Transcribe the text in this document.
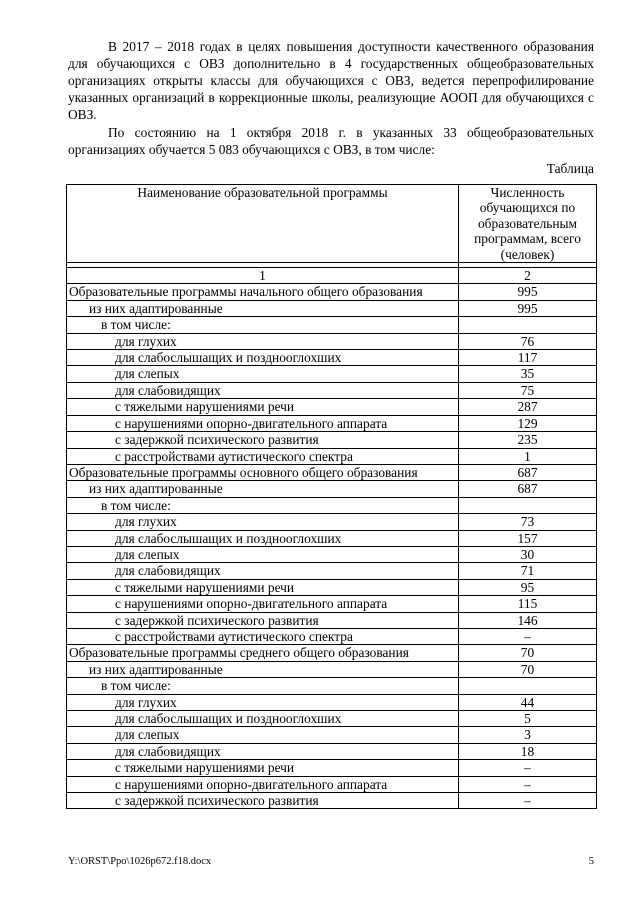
В 2017 – 2018 годах в целях повышения доступности качественного образования для обучающихся с ОВЗ дополнительно в 4 государственных общеобразовательных организациях открыты классы для обучающихся с ОВЗ, ведется перепрофилирование указанных организаций в коррекционные школы, реализующие АООП для обучающихся с ОВЗ.

По состоянию на 1 октября 2018 г. в указанных 33 общеобразовательных организациях обучается 5 083 обучающихся с ОВЗ, в том числе:

Таблица

Наименование образовательной программы	Численность обучающихся по образовательным программам, всего (человек)

1	2
Образовательные программы начального общего образования	995
из них адаптированные	995
в том числе:	
для глухих	76
для слабослышащих и позднооглохших	117
для слепых	35
для слабовидящих	75
с тяжелыми нарушениями речи	287
с нарушениями опорно-двигательного аппарата	129
с задержкой психического развития	235
с расстройствами аутистического спектра	1
Образовательные программы основного общего образования	687
из них адаптированные	687
в том числе:	
для глухих	73
для слабослышащих и позднооглохших	157
для слепых	30
для слабовидящих	71
с тяжелыми нарушениями речи	95
с нарушениями опорно-двигательного аппарата	115
с задержкой психического развития	146
с расстройствами аутистического спектра	–
Образовательные программы среднего общего образования	70
из них адаптированные	70
в том числе:	
для глухих	44
для слабослышащих и позднооглохших	5
для слепых	3
для слабовидящих	18
с тяжелыми нарушениями речи	–
с нарушениями опорно-двигательного аппарата	–
с задержкой психического развития	–

Y:\ORST\Ppo\1026p672.f18.docx	5
